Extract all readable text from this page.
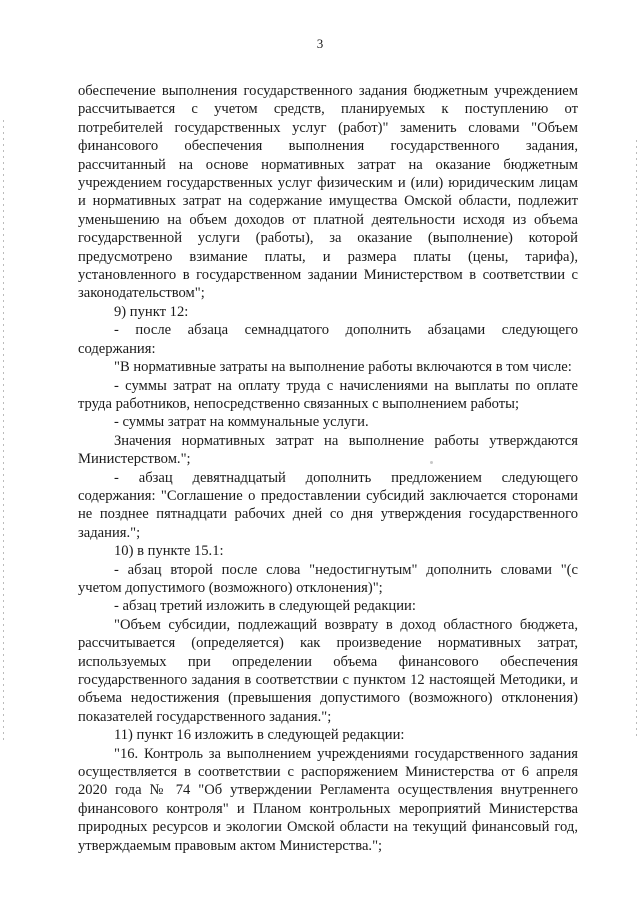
3

обеспечение выполнения государственного задания бюджетным учреждением рассчитывается с учетом средств, планируемых к поступлению от потребителей государственных услуг (работ)" заменить словами "Объем финансового обеспечения выполнения государственного задания, рассчитанный на основе нормативных затрат на оказание бюджетным учреждением государственных услуг физическим и (или) юридическим лицам и нормативных затрат на содержание имущества Омской области, подлежит уменьшению на объем доходов от платной деятельности исходя из объема государственной услуги (работы), за оказание (выполнение) которой предусмотрено взимание платы, и размера платы (цены, тарифа), установленного в государственном задании Министерством в соответствии с законодательством";

9) пункт 12:

- после абзаца семнадцатого дополнить абзацами следующего содержания:

"В нормативные затраты на выполнение работы включаются в том числе:

- суммы затрат на оплату труда с начислениями на выплаты по оплате труда работников, непосредственно связанных с выполнением работы;

- суммы затрат на коммунальные услуги.

Значения нормативных затрат на выполнение работы утверждаются Министерством.";

- абзац девятнадцатый дополнить предложением следующего содержания: "Соглашение о предоставлении субсидий заключается сторонами не позднее пятнадцати рабочих дней со дня утверждения государственного задания.";

10) в пункте 15.1:

- абзац второй после слова "недостигнутым" дополнить словами "(с учетом допустимого (возможного) отклонения)";

- абзац третий изложить в следующей редакции:

"Объем субсидии, подлежащий возврату в доход областного бюджета, рассчитывается (определяется) как произведение нормативных затрат, используемых при определении объема финансового обеспечения государственного задания в соответствии с пунктом 12 настоящей Методики, и объема недостижения (превышения допустимого (возможного) отклонения) показателей государственного задания.";

11) пункт 16 изложить в следующей редакции:

"16. Контроль за выполнением учреждениями государственного задания осуществляется в соответствии с распоряжением Министерства от 6 апреля 2020 года № 74 "Об утверждении Регламента осуществления внутреннего финансового контроля" и Планом контрольных мероприятий Министерства природных ресурсов и экологии Омской области на текущий финансовый год, утверждаемым правовым актом Министерства.";
